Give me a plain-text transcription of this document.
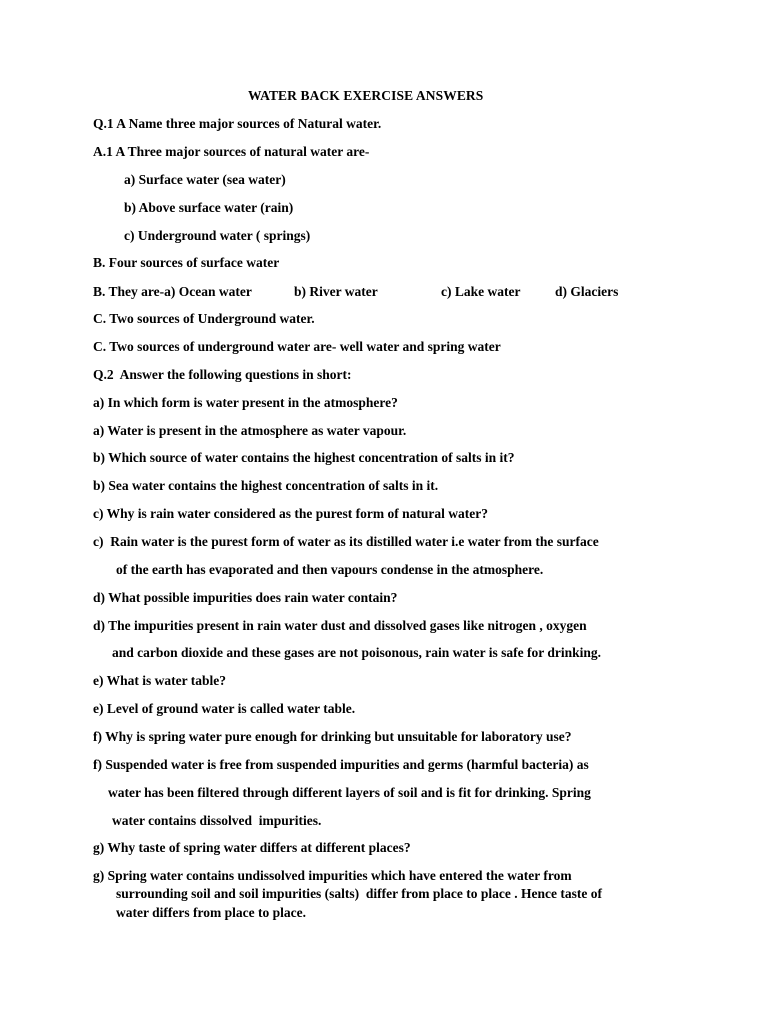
WATER BACK EXERCISE ANSWERS
Q.1 A Name three major sources of Natural water.
A.1 A Three major sources of natural water are-
a) Surface water (sea water)
b) Above surface water (rain)
c) Underground water ( springs)
B. Four sources of surface water
B. They are-a) Ocean water	b) River water	c) Lake water	d) Glaciers
C. Two sources of Underground water.
C. Two sources of underground water are- well water and spring water
Q.2  Answer the following questions in short:
a) In which form is water present in the atmosphere?
a) Water is present in the atmosphere as water vapour.
b) Which source of water contains the highest concentration of salts in it?
b) Sea water contains the highest concentration of salts in it.
c) Why is rain water considered as the purest form of natural water?
c)  Rain water is the purest form of water as its distilled water i.e water from the surface
of the earth has evaporated and then vapours condense in the atmosphere.
d) What possible impurities does rain water contain?
d) The impurities present in rain water dust and dissolved gases like nitrogen , oxygen
and carbon dioxide and these gases are not poisonous, rain water is safe for drinking.
e) What is water table?
e) Level of ground water is called water table.
f) Why is spring water pure enough for drinking but unsuitable for laboratory use?
f) Suspended water is free from suspended impurities and germs (harmful bacteria) as
water has been filtered through different layers of soil and is fit for drinking. Spring
water contains dissolved  impurities.
g) Why taste of spring water differs at different places?
g) Spring water contains undissolved impurities which have entered the water from
surrounding soil and soil impurities (salts)  differ from place to place . Hence taste of
water differs from place to place.
